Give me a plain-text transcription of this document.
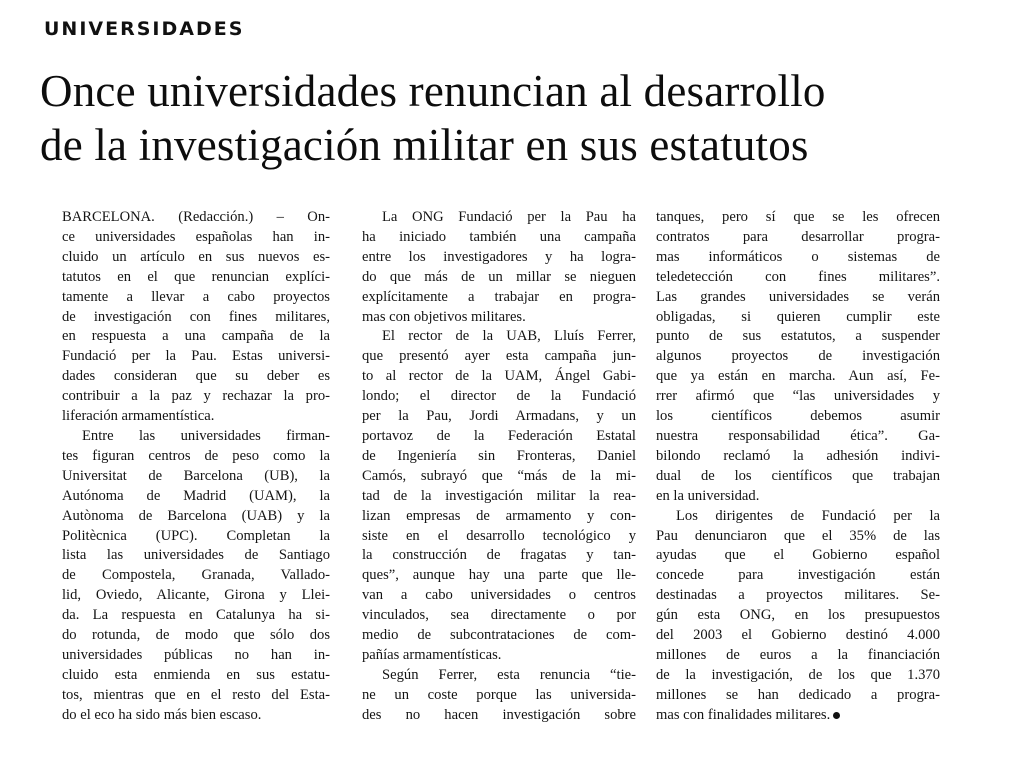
UNIVERSIDADES
Once universidades renuncian al desarrollo
de la investigación militar en sus estatutos
BARCELONA. (Redacción.) – On-
ce universidades españolas han in-
cluido un artículo en sus nuevos es-
tatutos en el que renuncian explíci-
tamente a llevar a cabo proyectos
de investigación con fines militares,
en respuesta a una campaña de la
Fundació per la Pau. Estas universi-
dades consideran que su deber es
contribuir a la paz y rechazar la pro-
liferación armamentística.
Entre las universidades firman-
tes figuran centros de peso como la
Universitat de Barcelona (UB), la
Autónoma de Madrid (UAM), la
Autònoma de Barcelona (UAB) y la
Politècnica (UPC). Completan la
lista las universidades de Santiago
de Compostela, Granada, Vallado-
lid, Oviedo, Alicante, Girona y Llei-
da. La respuesta en Catalunya ha si-
do rotunda, de modo que sólo dos
universidades públicas no han in-
cluido esta enmienda en sus estatu-
tos, mientras que en el resto del Esta-
do el eco ha sido más bien escaso.
La ONG Fundació per la Pau ha
ha iniciado también una campaña
entre los investigadores y ha logra-
do que más de un millar se nieguen
explícitamente a trabajar en progra-
mas con objetivos militares.
El rector de la UAB, Lluís Ferrer,
que presentó ayer esta campaña jun-
to al rector de la UAM, Ángel Gabi-
londo; el director de la Fundació
per la Pau, Jordi Armadans, y un
portavoz de la Federación Estatal
de Ingeniería sin Fronteras, Daniel
Camós, subrayó que “más de la mi-
tad de la investigación militar la rea-
lizan empresas de armamento y con-
siste en el desarrollo tecnológico y
la construcción de fragatas y tan-
ques”, aunque hay una parte que lle-
van a cabo universidades o centros
vinculados, sea directamente o por
medio de subcontrataciones de com-
pañías armamentísticas.
Según Ferrer, esta renuncia “tie-
ne un coste porque las universida-
des no hacen investigación sobre
tanques, pero sí que se les ofrecen
contratos para desarrollar progra-
mas informáticos o sistemas de
teledetección con fines militares”.
Las grandes universidades se verán
obligadas, si quieren cumplir este
punto de sus estatutos, a suspender
algunos proyectos de investigación
que ya están en marcha. Aun así, Fe-
rrer afirmó que “las universidades y
los científicos debemos asumir
nuestra responsabilidad ética”. Ga-
bilondo reclamó la adhesión indivi-
dual de los científicos que trabajan
en la universidad.
Los dirigentes de Fundació per la
Pau denunciaron que el 35% de las
ayudas que el Gobierno español
concede para investigación están
destinadas a proyectos militares. Se-
gún esta ONG, en los presupuestos
del 2003 el Gobierno destinó 4.000
millones de euros a la financiación
de la investigación, de los que 1.370
millones se han dedicado a progra-
mas con finalidades militares.
